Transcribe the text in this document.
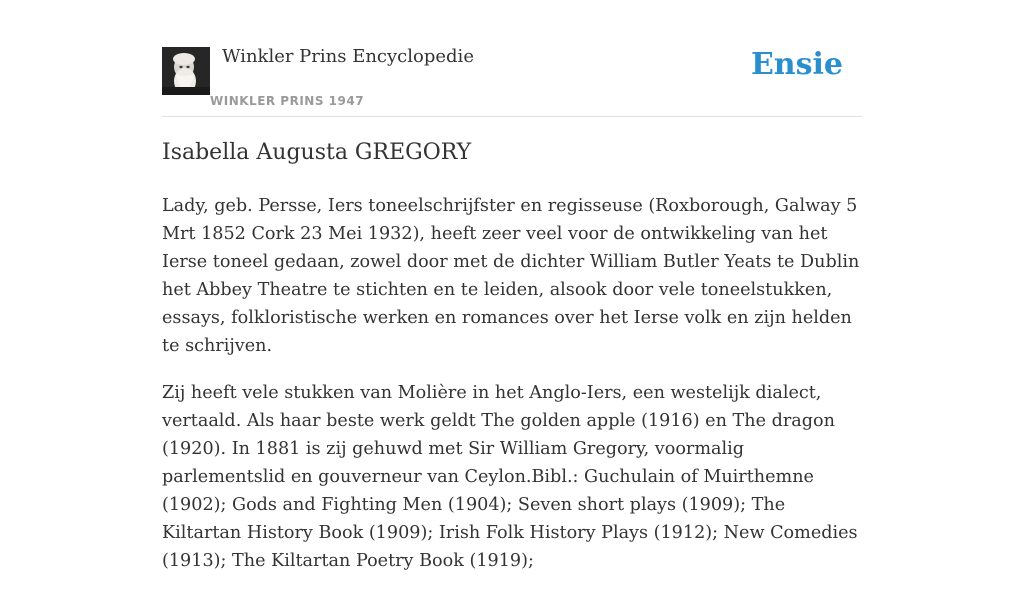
Winkler Prins Encyclopedie
WINKLER PRINS 1947
Ensie
Isabella Augusta GREGORY

Lady, geb. Persse, Iers toneelschrijfster en regisseuse (Roxborough, Galway 5 Mrt 1852 Cork 23 Mei 1932), heeft zeer veel voor de ontwikkeling van het Ierse toneel gedaan, zowel door met de dichter William Butler Yeats te Dublin het Abbey Theatre te stichten en te leiden, alsook door vele toneelstukken, essays, folkloristische werken en romances over het Ierse volk en zijn helden te schrijven.

Zij heeft vele stukken van Molière in het Anglo-Iers, een westelijk dialect, vertaald. Als haar beste werk geldt The golden apple (1916) en The dragon (1920). In 1881 is zij gehuwd met Sir William Gregory, voormalig parlementslid en gouverneur van Ceylon.Bibl.: Guchulain of Muirthemne (1902); Gods and Fighting Men (1904); Seven short plays (1909); The Kiltartan History Book (1909); Irish Folk History Plays (1912); New Comedies (1913); The Kiltartan Poetry Book (1919);
